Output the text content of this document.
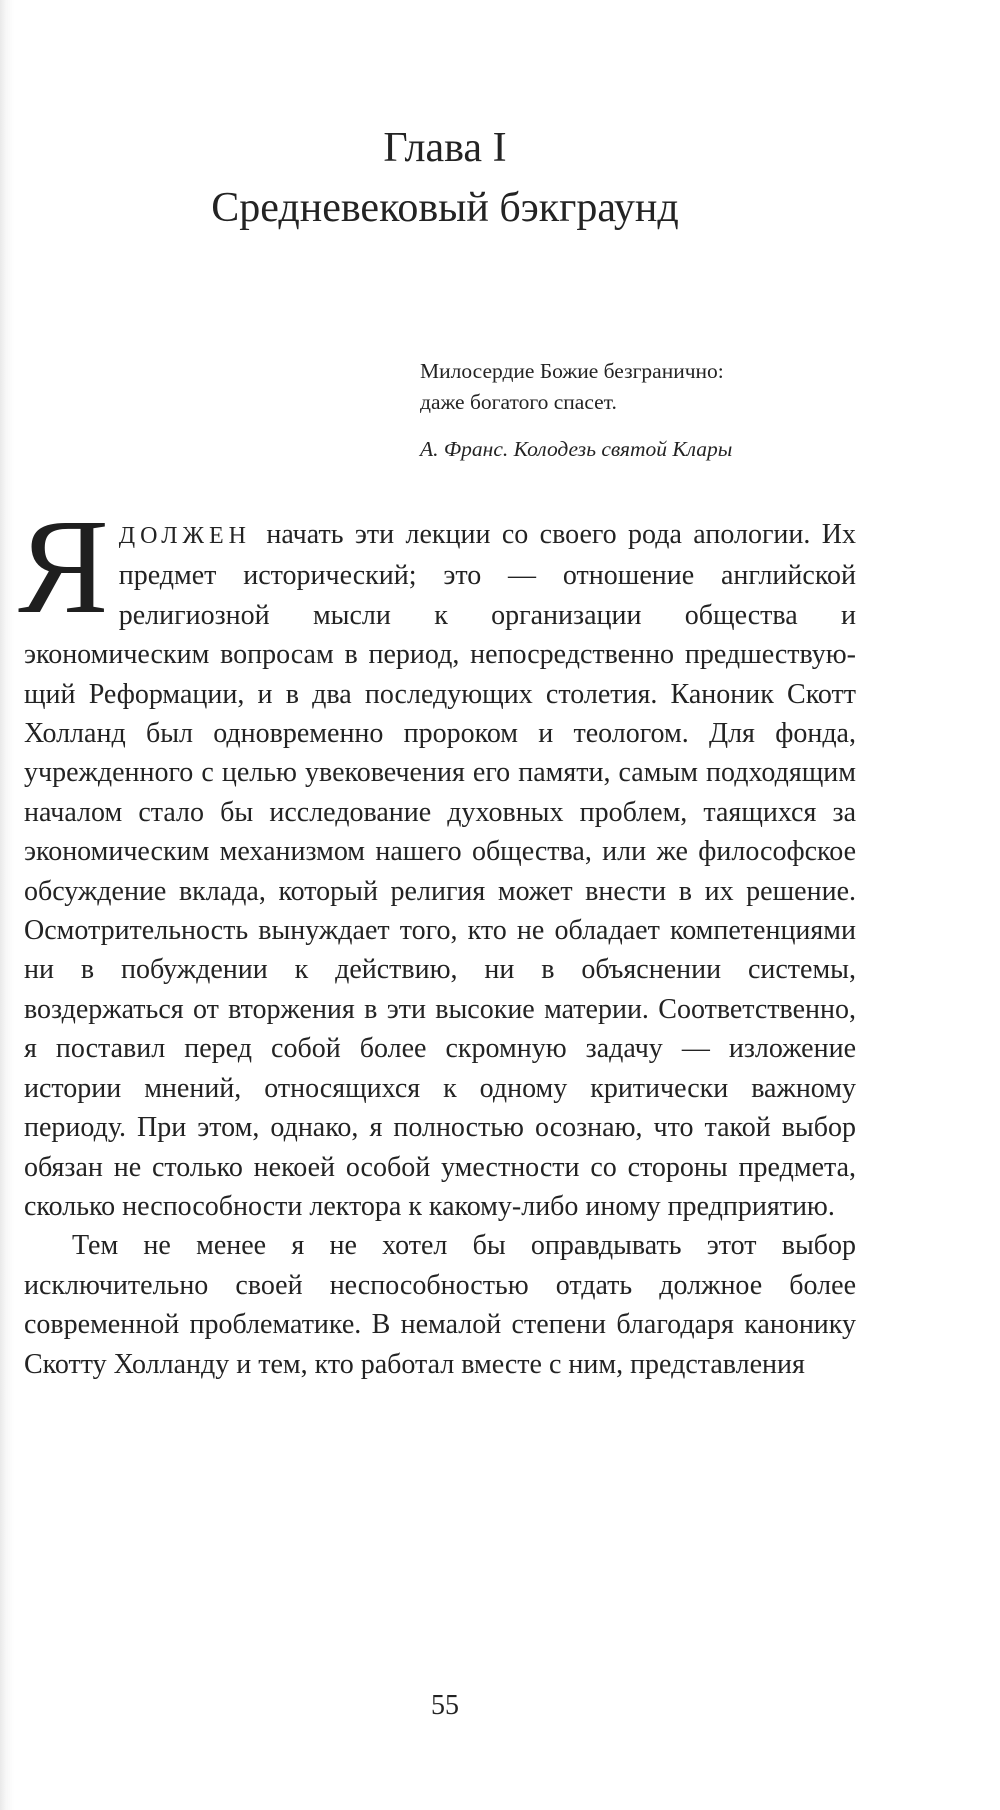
Глава I
Средневековый бэкграунд
Милосердие Божие безгранично:
даже богатого спасет.
А. Франс. Колодезь святой Клары

ЯДОЛЖЕН начать эти лекции со своего рода апологии. Их предмет исторический; это — отношение английской религиозной мысли к организации общества и экономическим вопросам в период, непосредственно предшествующий Реформации, и в два последующих столетия. Каноник Скотт Холланд был одновременно пророком и теологом. Для фонда, учрежденного с целью увековечения его памяти, самым подходящим началом стало бы исследование духовных проблем, таящихся за экономическим механизмом нашего общества, или же философское обсуждение вклада, который религия может внести в их решение. Осмотрительность вынуждает того, кто не обладает компетенциями ни в побуждении к действию, ни в объяснении системы, воздержаться от вторжения в эти высокие материи. Соответственно, я поставил перед собой более скромную задачу — изложение истории мнений, относящихся к одному критически важному периоду. При этом, однако, я полностью осознаю, что такой выбор обязан не столько некоей особой уместности со стороны предмета, сколько неспособности лектора к какому-либо иному предприятию.

Тем не менее я не хотел бы оправдывать этот выбор исключительно своей неспособностью отдать должное более современной проблематике. В немалой степени благодаря канонику Скотту Холланду и тем, кто работал вместе с ним, представления

55
